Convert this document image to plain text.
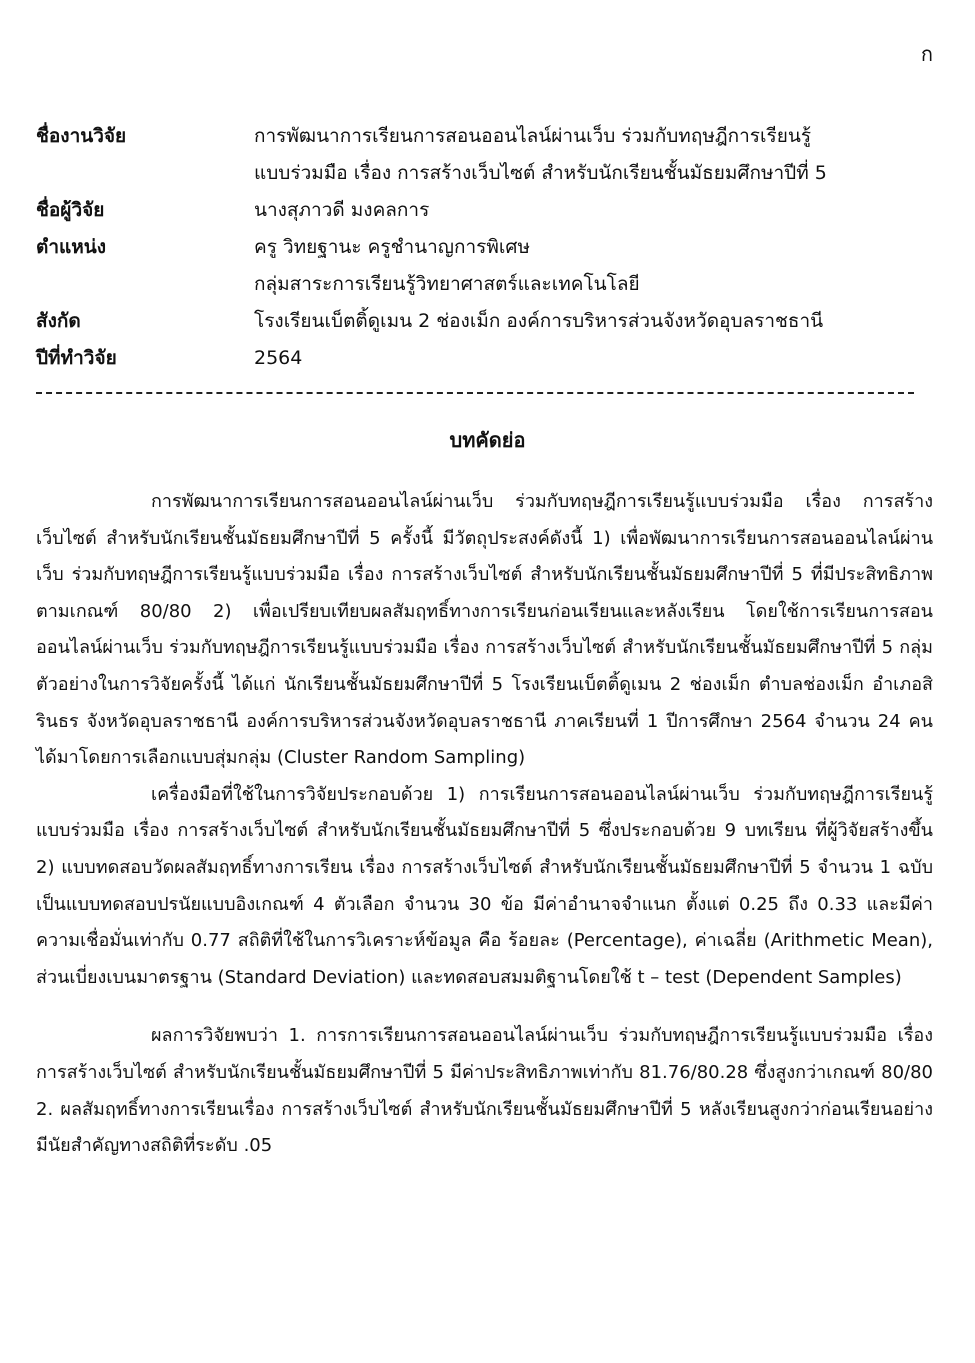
ก
ชื่องานวิจัย	การพัฒนาการเรียนการสอนออนไลน์ผ่านเว็บ ร่วมกับทฤษฎีการเรียนรู้
แบบร่วมมือ เรื่อง การสร้างเว็บไซต์ สำหรับนักเรียนชั้นมัธยมศึกษาปีที่ 5
ชื่อผู้วิจัย	นางสุภาวดี มงคลการ
ตำแหน่ง	ครู วิทยฐานะ ครูชำนาญการพิเศษ
กลุ่มสาระการเรียนรู้วิทยาศาสตร์และเทคโนโลยี
สังกัด	โรงเรียนเบ็ตติ้ดูเมน 2 ช่องเม็ก องค์การบริหารส่วนจังหวัดอุบลราชธานี
ปีที่ทำวิจัย	2564
บทคัดย่อ

การพัฒนาการเรียนการสอนออนไลน์ผ่านเว็บ ร่วมกับทฤษฎีการเรียนรู้แบบร่วมมือ เรื่อง การสร้างเว็บไซต์ สำหรับนักเรียนชั้นมัธยมศึกษาปีที่ 5 ครั้งนี้ มีวัตถุประสงค์ดังนี้ 1) เพื่อพัฒนาการเรียนการสอนออนไลน์ผ่านเว็บ ร่วมกับทฤษฎีการเรียนรู้แบบร่วมมือ เรื่อง การสร้างเว็บไซต์ สำหรับนักเรียนชั้นมัธยมศึกษาปีที่ 5 ที่มีประสิทธิภาพตามเกณฑ์ 80/80 2) เพื่อเปรียบเทียบผลสัมฤทธิ์ทางการเรียนก่อนเรียนและหลังเรียน โดยใช้การเรียนการสอนออนไลน์ผ่านเว็บ ร่วมกับทฤษฎีการเรียนรู้แบบร่วมมือ เรื่อง การสร้างเว็บไซต์ สำหรับนักเรียนชั้นมัธยมศึกษาปีที่ 5 กลุ่มตัวอย่างในการวิจัยครั้งนี้ ได้แก่ นักเรียนชั้นมัธยมศึกษาปีที่ 5 โรงเรียนเบ็ตติ้ดูเมน 2 ช่องเม็ก ตำบลช่องเม็ก อำเภอสิรินธร จังหวัดอุบลราชธานี องค์การบริหารส่วนจังหวัดอุบลราชธานี ภาคเรียนที่ 1 ปีการศึกษา 2564 จำนวน 24 คน ได้มาโดยการเลือกแบบสุ่มกลุ่ม (Cluster Random Sampling)

เครื่องมือที่ใช้ในการวิจัยประกอบด้วย 1) การเรียนการสอนออนไลน์ผ่านเว็บ ร่วมกับทฤษฎีการเรียนรู้แบบร่วมมือ เรื่อง การสร้างเว็บไซต์ สำหรับนักเรียนชั้นมัธยมศึกษาปีที่ 5 ซึ่งประกอบด้วย 9 บทเรียน ที่ผู้วิจัยสร้างขึ้น 2) แบบทดสอบวัดผลสัมฤทธิ์ทางการเรียน เรื่อง การสร้างเว็บไซต์ สำหรับนักเรียนชั้นมัธยมศึกษาปีที่ 5 จำนวน 1 ฉบับ เป็นแบบทดสอบปรนัยแบบอิงเกณฑ์ 4 ตัวเลือก จำนวน 30 ข้อ มีค่าอำนาจจำแนก ตั้งแต่ 0.25 ถึง 0.33 และมีค่าความเชื่อมั่นเท่ากับ 0.77 สถิติที่ใช้ในการวิเคราะห์ข้อมูล คือ ร้อยละ (Percentage), ค่าเฉลี่ย (Arithmetic Mean), ส่วนเบี่ยงเบนมาตรฐาน (Standard Deviation) และทดสอบสมมติฐานโดยใช้ t – test (Dependent Samples)

ผลการวิจัยพบว่า 1. การการเรียนการสอนออนไลน์ผ่านเว็บ ร่วมกับทฤษฎีการเรียนรู้แบบร่วมมือ เรื่อง การสร้างเว็บไซต์ สำหรับนักเรียนชั้นมัธยมศึกษาปีที่ 5 มีค่าประสิทธิภาพเท่ากับ 81.76/80.28 ซึ่งสูงกว่าเกณฑ์ 80/80 2. ผลสัมฤทธิ์ทางการเรียนเรื่อง การสร้างเว็บไซต์ สำหรับนักเรียนชั้นมัธยมศึกษาปีที่ 5 หลังเรียนสูงกว่าก่อนเรียนอย่างมีนัยสำคัญทางสถิติที่ระดับ .05
